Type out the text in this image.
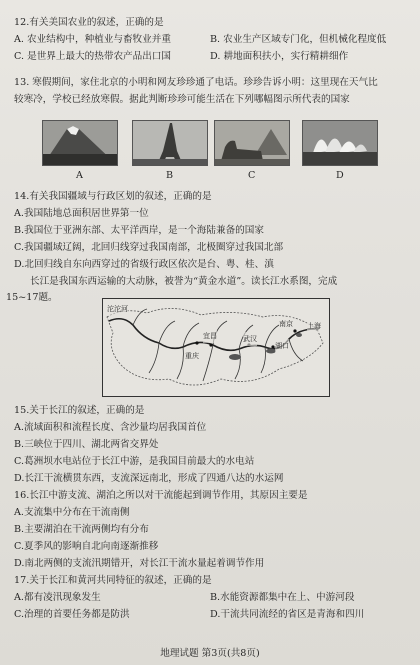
12.有关美国农业的叙述，正确的是
A. 农业结构中，种植业与畜牧业并重	B. 农业生产区域专门化，但机械化程度低
C. 是世界上最大的热带农产品出口国	D. 耕地面积扶小，实行精耕细作
13. 寒假期间，家住北京的小明和网友珍珍通了电话。珍珍告诉小明：这里现在天气比
较寒冷，学校已经放寒假。据此判断珍珍可能生活在下列哪幅图示所代表的国家
A	B	C	D
14.有关我国疆域与行政区划的叙述，正确的是
A.我国陆地总面积居世界第一位
B.我国位于亚洲东部、太平洋西岸，是一个海陆兼备的国家
C.我国疆域辽阔，北回归线穿过我国南部，北极圈穿过我国北部
D.北回归线自东向西穿过的省级行政区依次是台、粤、桂、滇
长江是我国东西运输的大动脉，被誉为“黄金水道”。读长江水系图，完成
15~17题。
沱沱河
南京
宜昌	武汉
重庆
湖口
上海
15.关于长江的叙述，正确的是
A.流域面积和流程长度、含沙量均居我国首位
B.三峡位于四川、湖北两省交界处
C.葛洲坝水电站位于长江中游，是我国目前最大的水电站
D.长江干流横贯东西，支流深远南北，形成了四通八达的水运网
16.长江中游支流、湖泊之所以对干流能起到调节作用，其原因主要是
A.支流集中分布在干流南侧
B.主要湖泊在干流两侧均有分布
C.夏季风的影响自北向南逐渐推移
D.南北两侧的支流汛期错开，对长江干流水量起着调节作用
17.关于长江和黄河共同特征的叙述，正确的是
A.都有凌汛现象发生	B.水能资源都集中在上、中游河段
C.治理的首要任务都是防洪	D.干流共同流经的省区是青海和四川
地理试题 第3页(共8页)
